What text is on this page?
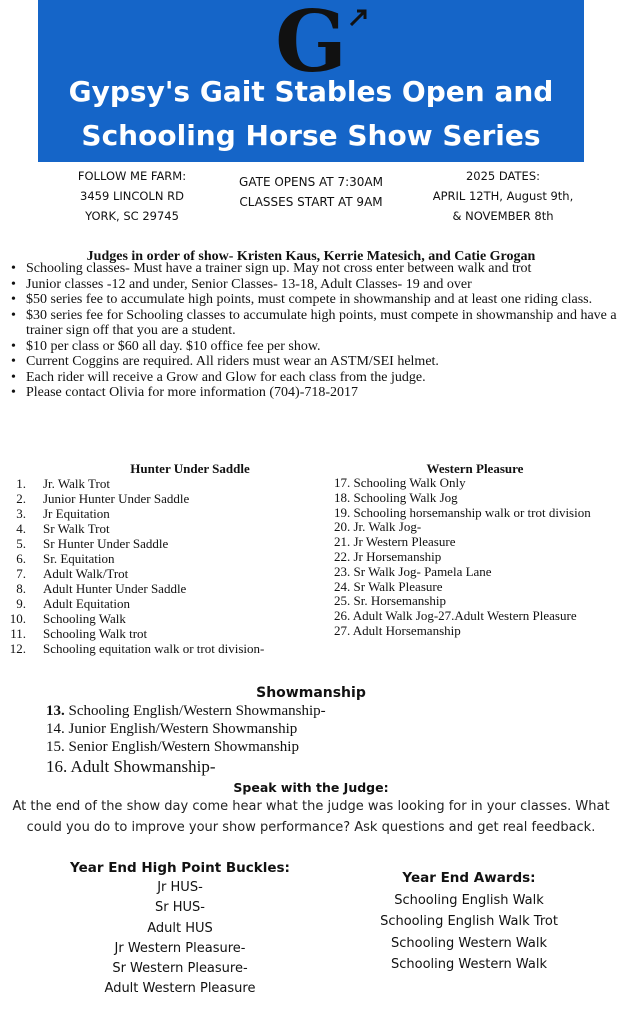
G
Gypsy's Gait Stables Open and
Schooling Horse Show Series
FOLLOW ME FARM:
3459 LINCOLN RD
YORK, SC 29745
GATE OPENS AT 7:30AM
CLASSES START AT 9AM
2025 DATES:
APRIL 12TH, August 9th,
& NOVEMBER 8th
Judges in order of show- Kristen Kaus, Kerrie Matesich, and Catie Grogan
• Schooling classes- Must have a trainer sign up. May not cross enter between walk and trot
• Junior classes -12 and under, Senior Classes- 13-18, Adult Classes- 19 and over
• $50 series fee to accumulate high points, must compete in showmanship and at least one riding class.
• $30 series fee for Schooling classes to accumulate high points, must compete in showmanship and have a trainer sign off that you are a student.
• $10 per class or $60 all day. $10 office fee per show.
• Current Coggins are required. All riders must wear an ASTM/SEI helmet.
• Each rider will receive a Grow and Glow for each class from the judge.
• Please contact Olivia for more information (704)-718-2017
Hunter Under Saddle
1. Jr. Walk Trot
2. Junior Hunter Under Saddle
3. Jr Equitation
4. Sr Walk Trot
5. Sr Hunter Under Saddle
6. Sr. Equitation
7. Adult Walk/Trot
8. Adult Hunter Under Saddle
9. Adult Equitation
10. Schooling Walk
11. Schooling Walk trot
12. Schooling equitation walk or trot division-
Western Pleasure
17. Schooling Walk Only
18. Schooling Walk Jog
19. Schooling horsemanship walk or trot division
20. Jr. Walk Jog-
21. Jr Western Pleasure
22. Jr Horsemanship
23. Sr Walk Jog- Pamela Lane
24. Sr Walk Pleasure
25. Sr. Horsemanship
26. Adult Walk Jog-27.Adult Western Pleasure
27. Adult Horsemanship
Showmanship
13. Schooling English/Western Showmanship-
14. Junior English/Western Showmanship
15. Senior English/Western Showmanship
16. Adult Showmanship-
Speak with the Judge:
At the end of the show day come hear what the judge was looking for in your classes. What could you do to improve your show performance? Ask questions and get real feedback.
Year End High Point Buckles:
Jr HUS-
Sr HUS-
Adult HUS
Jr Western Pleasure-
Sr Western Pleasure-
Adult Western Pleasure
Year End Awards:
Schooling English Walk
Schooling English Walk Trot
Schooling Western Walk
Schooling Western Walk
